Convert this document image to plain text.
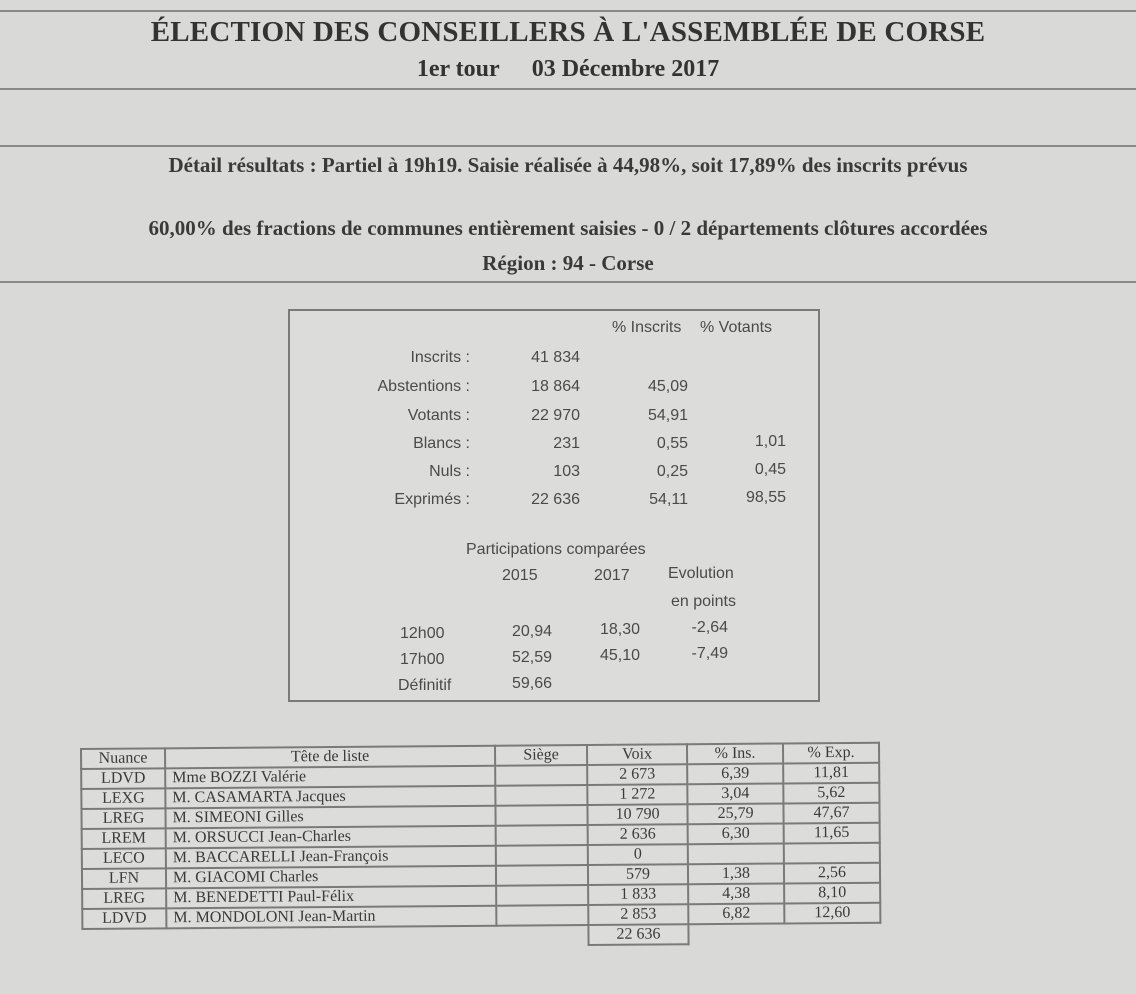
ÉLECTION DES CONSEILLERS À L'ASSEMBLÉE DE CORSE
1er tour 03 Décembre 2017
Détail résultats : Partiel à 19h19. Saisie réalisée à 44,98%, soit 17,89% des inscrits prévus
60,00% des fractions de communes entièrement saisies - 0 / 2 départements clôtures accordées
Région : 94 - Corse
% Inscrits % Votants
Inscrits :	41 834
Abstentions :	18 864	45,09
Votants :	22 970	54,91
Blancs :	231	0,55	1,01
Nuls :	103	0,25	0,45
Exprimés :	22 636	54,11	98,55
Participations comparées
2015	2017 Evolution
en points
12h00	20,94	18,30	-2,64
17h00	52,59	45,10	-7,49
Définitif	59,66
Nuance	Tête de liste	Siège	Voix	% Ins.	% Exp.
LDVD	Mme BOZZI Valérie		2 673	6,39	11,81
LEXG	M. CASAMARTA Jacques		1 272	3,04	5,62
LREG	M. SIMEONI Gilles		10 790	25,79	47,67
LREM	M. ORSUCCI Jean-Charles		2 636	6,30	11,65
LECO	M. BACCARELLI Jean-François		0		
LFN	M. GIACOMI Charles		579	1,38	2,56
LREG	M. BENEDETTI Paul-Félix		1 833	4,38	8,10
LDVD	M. MONDOLONI Jean-Martin		2 853	6,82	12,60
			22 636		
